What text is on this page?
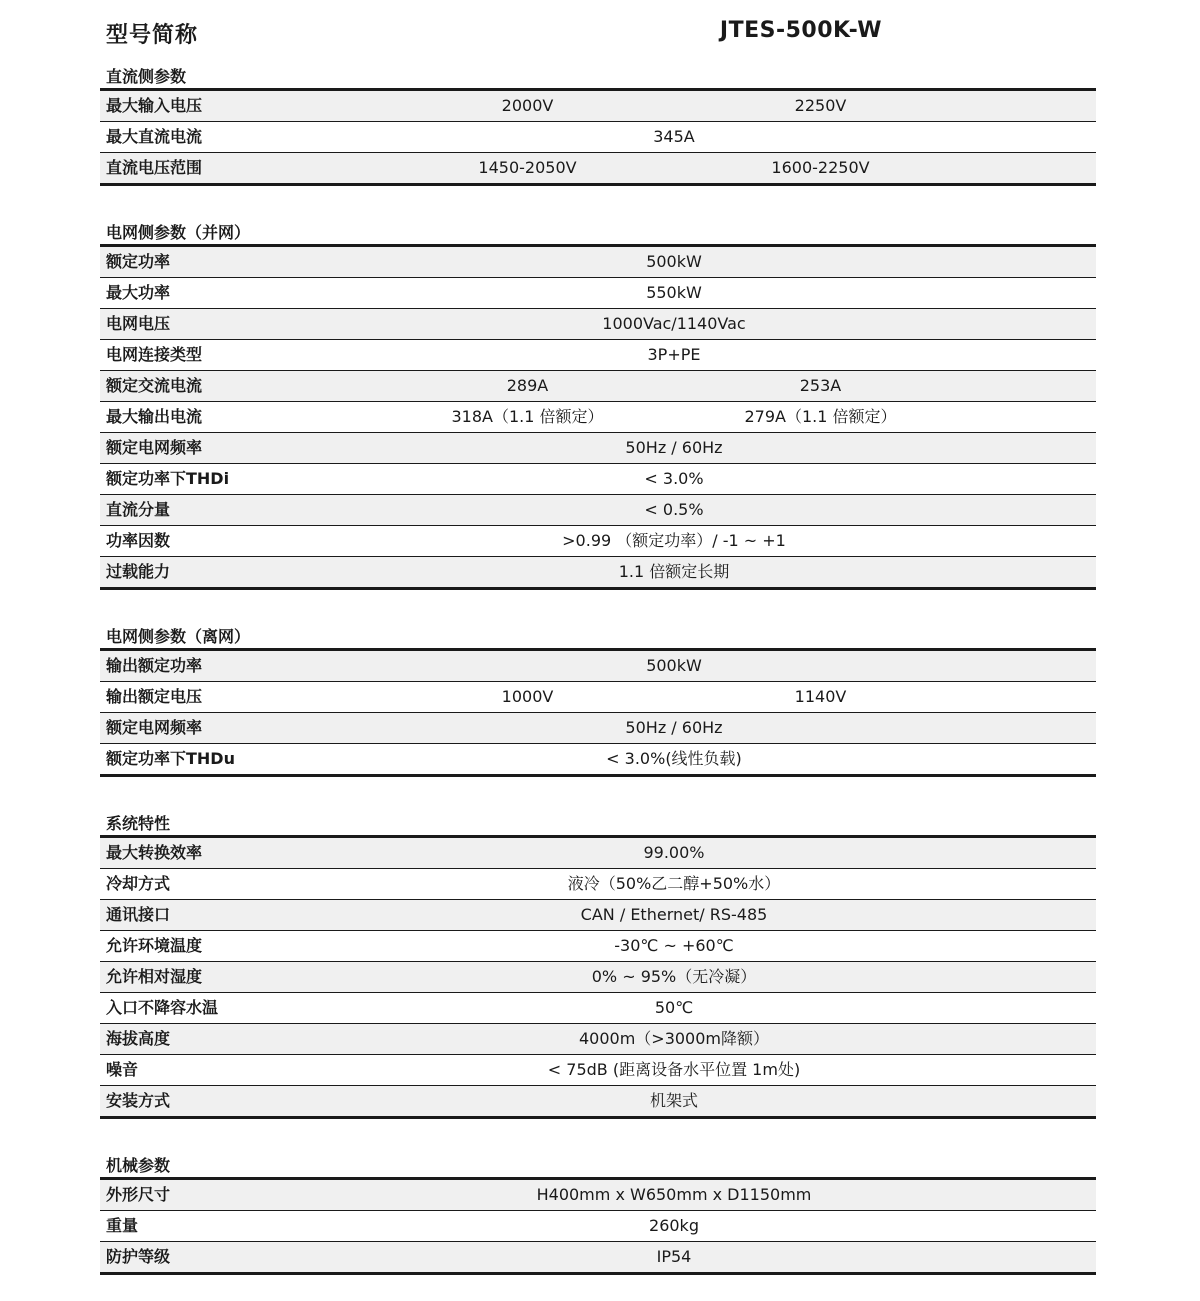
型号简称	JTES-500K-W
直流侧参数
最大输入电压	2000V	2250V
最大直流电流	345A
直流电压范围	1450-2050V	1600-2250V
电网侧参数（并网）
额定功率	500kW
最大功率	550kW
电网电压	1000Vac/1140Vac
电网连接类型	3P+PE
额定交流电流	289A	253A
最大输出电流	318A（1.1 倍额定）	279A（1.1 倍额定）
额定电网频率	50Hz / 60Hz
额定功率下THDi	< 3.0%
直流分量	< 0.5%
功率因数	>0.99 （额定功率）/ -1 ~ +1
过载能力	1.1 倍额定长期
电网侧参数（离网）
输出额定功率	500kW
输出额定电压	1000V	1140V
额定电网频率	50Hz / 60Hz
额定功率下THDu	< 3.0%(线性负载)
系统特性
最大转换效率	99.00%
冷却方式	液冷（50%乙二醇+50%水）
通讯接口	CAN / Ethernet/ RS-485
允许环境温度	-30℃ ~ +60℃
允许相对湿度	0% ~ 95%（无冷凝）
入口不降容水温	50℃
海拔高度	4000m（>3000m降额）
噪音	< 75dB (距离设备水平位置 1m处)
安装方式	机架式
机械参数
外形尺寸	H400mm x W650mm x D1150mm
重量	260kg
防护等级	IP54
